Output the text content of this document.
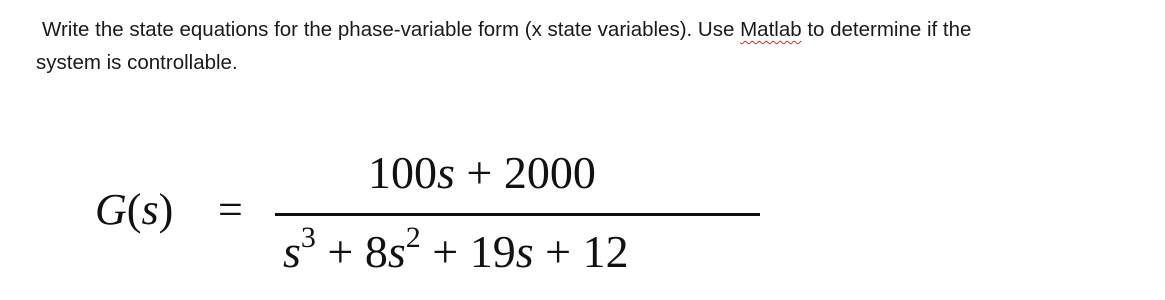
Write the state equations for the phase-variable form (x state variables). Use Matlab to determine if the
system is controllable.
G(s) =
100s + 2000
$s^3 + 8s^2 + 19s + 12$
